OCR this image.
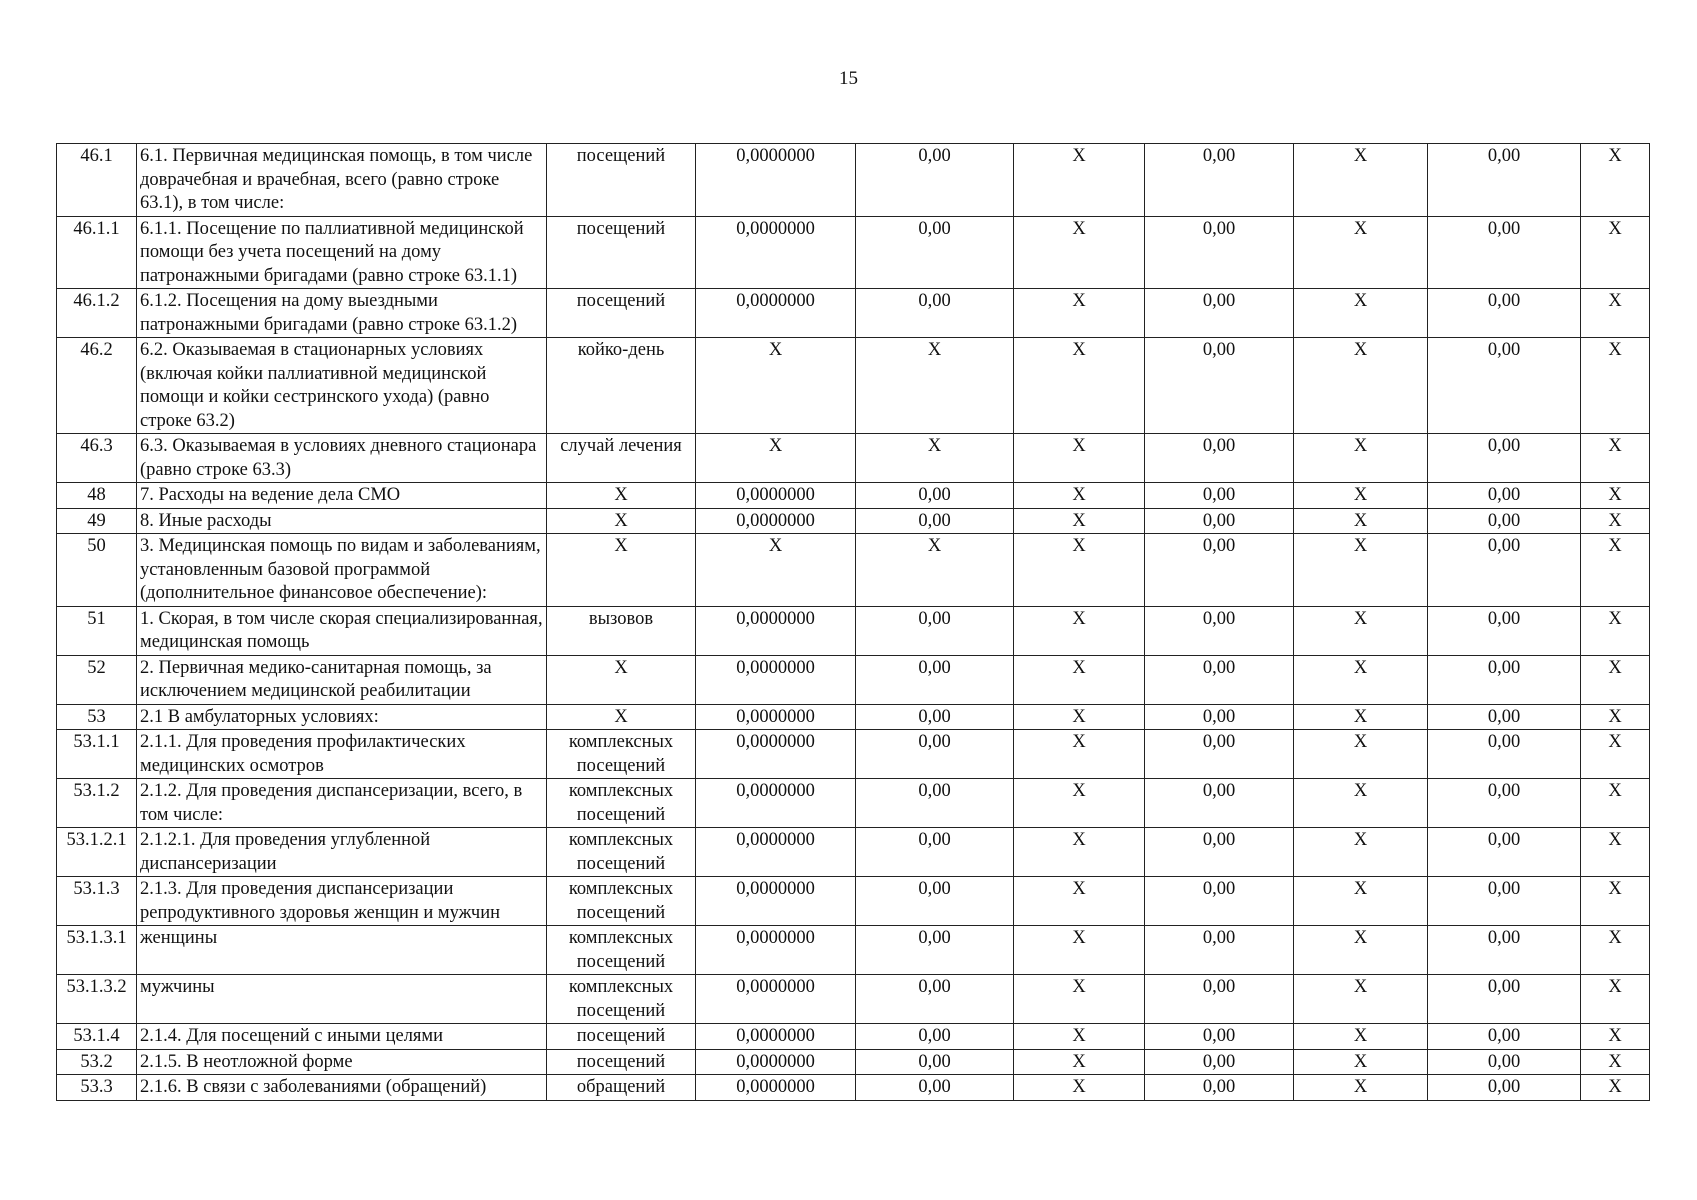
15
46.1	6.1. Первичная медицинская помощь, в том числе доврачебная и врачебная, всего (равно строке 63.1), в том числе:	посещений	0,0000000	0,00	X	0,00	X	0,00	X
46.1.1	6.1.1. Посещение по паллиативной медицинской помощи без учета посещений на дому патронажными бригадами (равно строке 63.1.1)	посещений	0,0000000	0,00	X	0,00	X	0,00	X
46.1.2	6.1.2. Посещения на дому выездными патронажными бригадами (равно строке 63.1.2)	посещений	0,0000000	0,00	X	0,00	X	0,00	X
46.2	6.2. Оказываемая в стационарных условиях (включая койки паллиативной медицинской помощи и койки сестринского ухода) (равно строке 63.2)	койко-день	X	X	X	0,00	X	0,00	X
46.3	6.3. Оказываемая в условиях дневного стационара (равно строке 63.3)	случай лечения	X	X	X	0,00	X	0,00	X
48	7. Расходы на ведение дела СМО	X	0,0000000	0,00	X	0,00	X	0,00	X
49	8. Иные расходы	X	0,0000000	0,00	X	0,00	X	0,00	X
50	3. Медицинская помощь по видам и заболеваниям, установленным базовой программой (дополнительное финансовое обеспечение):	X	X	X	X	0,00	X	0,00	X
51	1. Скорая, в том числе скорая специализированная, медицинская помощь	вызовов	0,0000000	0,00	X	0,00	X	0,00	X
52	2. Первичная медико-санитарная помощь, за исключением медицинской реабилитации	X	0,0000000	0,00	X	0,00	X	0,00	X
53	2.1 В амбулаторных условиях:	X	0,0000000	0,00	X	0,00	X	0,00	X
53.1.1	2.1.1. Для проведения профилактических медицинских осмотров	комплексных посещений	0,0000000	0,00	X	0,00	X	0,00	X
53.1.2	2.1.2. Для проведения диспансеризации, всего, в том числе:	комплексных посещений	0,0000000	0,00	X	0,00	X	0,00	X
53.1.2.1	2.1.2.1. Для проведения углубленной диспансеризации	комплексных посещений	0,0000000	0,00	X	0,00	X	0,00	X
53.1.3	2.1.3. Для проведения диспансеризации репродуктивного здоровья женщин и мужчин	комплексных посещений	0,0000000	0,00	X	0,00	X	0,00	X
53.1.3.1	женщины	комплексных посещений	0,0000000	0,00	X	0,00	X	0,00	X
53.1.3.2	мужчины	комплексных посещений	0,0000000	0,00	X	0,00	X	0,00	X
53.1.4	2.1.4. Для посещений с иными целями	посещений	0,0000000	0,00	X	0,00	X	0,00	X
53.2	2.1.5. В неотложной форме	посещений	0,0000000	0,00	X	0,00	X	0,00	X
53.3	2.1.6. В связи с заболеваниями (обращений)	обращений	0,0000000	0,00	X	0,00	X	0,00	X
